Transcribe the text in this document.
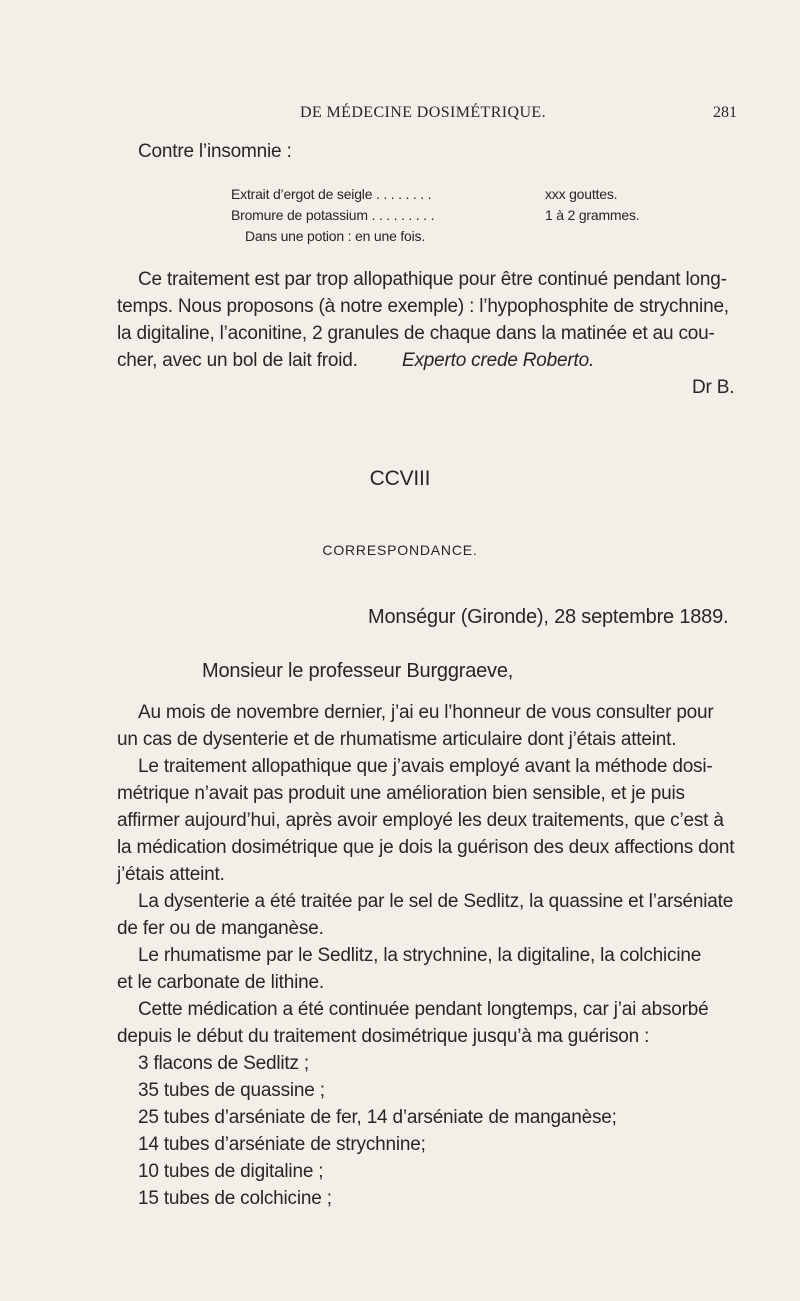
DE MÉDECINE DOSIMÉTRIQUE.	281
Contre l’insomnie :
Extrait d’ergot de seigle . . . . . . . .	xxx gouttes.
Bromure de potassium . . . . . . . . .	1 à 2 grammes.
Dans une potion : en une fois.
Ce traitement est par trop allopathique pour être continué pendant long-
temps. Nous proposons (à notre exemple) : l’hypophosphite de strychnine,
la digitaline, l’aconitine, 2 granules de chaque dans la matinée et au cou-
cher, avec un bol de lait froid. Experto crede Roberto.
Dr B.
CCVIII
CORRESPONDANCE.
Monségur (Gironde), 28 septembre 1889.
Monsieur le professeur Burggraeve,
Au mois de novembre dernier, j’ai eu l’honneur de vous consulter pour
un cas de dysenterie et de rhumatisme articulaire dont j’étais atteint.
Le traitement allopathique que j’avais employé avant la méthode dosi-
métrique n’avait pas produit une amélioration bien sensible, et je puis
affirmer aujourd’hui, après avoir employé les deux traitements, que c’est à
la médication dosimétrique que je dois la guérison des deux affections dont
j’étais atteint.
La dysenterie a été traitée par le sel de Sedlitz, la quassine et l’arséniate
de fer ou de manganèse.
Le rhumatisme par le Sedlitz, la strychnine, la digitaline, la colchicine
et le carbonate de lithine.
Cette médication a été continuée pendant longtemps, car j’ai absorbé
depuis le début du traitement dosimétrique jusqu’à ma guérison :
3 flacons de Sedlitz ;
35 tubes de quassine ;
25 tubes d’arséniate de fer, 14 d’arséniate de manganèse;
14 tubes d’arséniate de strychnine;
10 tubes de digitaline ;
15 tubes de colchicine ;
